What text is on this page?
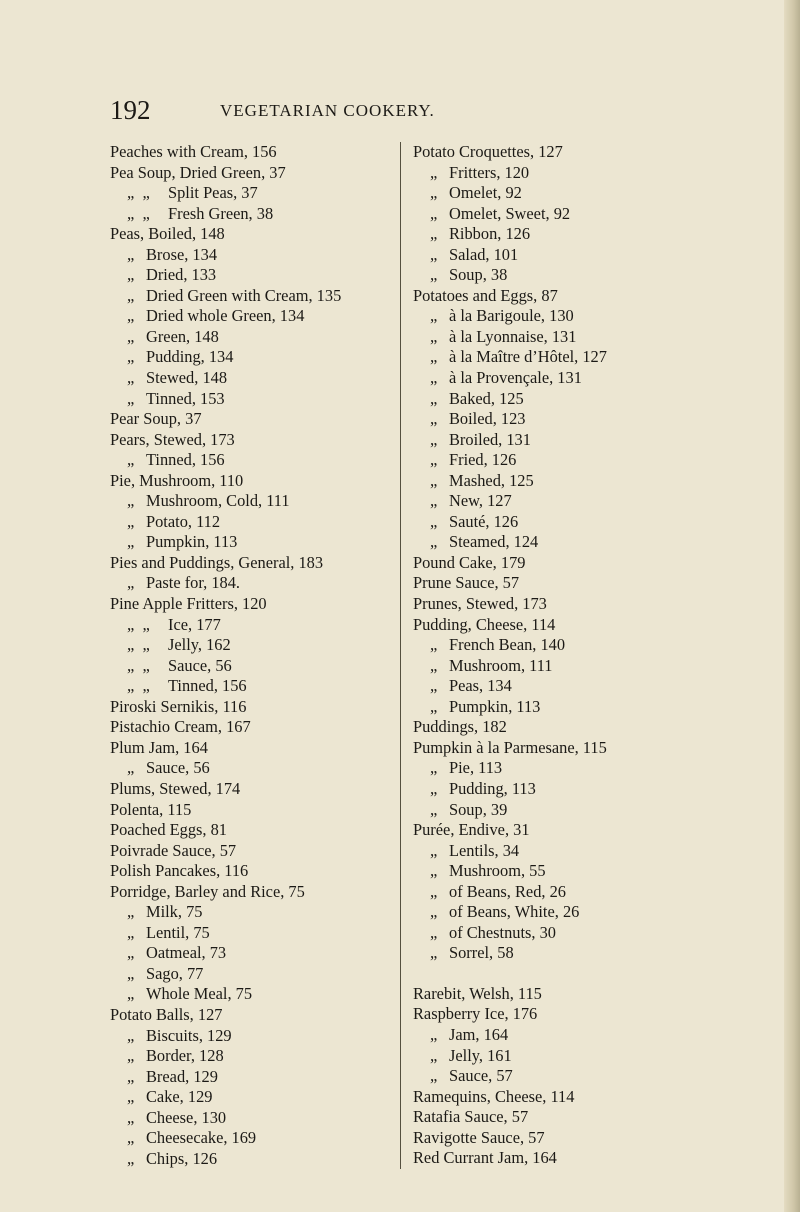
192	VEGETARIAN COOKERY.
Peaches with Cream, 156
Pea Soup, Dried Green, 37
„  „ Split Peas, 37
„  „ Fresh Green, 38
Peas, Boiled, 148
„ Brose, 134
„ Dried, 133
„ Dried Green with Cream, 135
„ Dried whole Green, 134
„ Green, 148
„ Pudding, 134
„ Stewed, 148
„ Tinned, 153
Pear Soup, 37
Pears, Stewed, 173
„ Tinned, 156
Pie, Mushroom, 110
„ Mushroom, Cold, 111
„ Potato, 112
„ Pumpkin, 113
Pies and Puddings, General, 183
„ Paste for, 184.
Pine Apple Fritters, 120
„  „ Ice, 177
„  „ Jelly, 162
„  „ Sauce, 56
„  „ Tinned, 156
Piroski Sernikis, 116
Pistachio Cream, 167
Plum Jam, 164
„ Sauce, 56
Plums, Stewed, 174
Polenta, 115
Poached Eggs, 81
Poivrade Sauce, 57
Polish Pancakes, 116
Porridge, Barley and Rice, 75
„ Milk, 75
„ Lentil, 75
„ Oatmeal, 73
„ Sago, 77
„ Whole Meal, 75
Potato Balls, 127
„ Biscuits, 129
„ Border, 128
„ Bread, 129
„ Cake, 129
„ Cheese, 130
„ Cheesecake, 169
„ Chips, 126
Potato Croquettes, 127
„ Fritters, 120
„ Omelet, 92
„ Omelet, Sweet, 92
„ Ribbon, 126
„ Salad, 101
„ Soup, 38
Potatoes and Eggs, 87
„ à la Barigoule, 130
„ à la Lyonnaise, 131
„ à la Maître d’Hôtel, 127
„ à la Provençale, 131
„ Baked, 125
„ Boiled, 123
„ Broiled, 131
„ Fried, 126
„ Mashed, 125
„ New, 127
„ Sauté, 126
„ Steamed, 124
Pound Cake, 179
Prune Sauce, 57
Prunes, Stewed, 173
Pudding, Cheese, 114
„ French Bean, 140
„ Mushroom, 111
„ Peas, 134
„ Pumpkin, 113
Puddings, 182
Pumpkin à la Parmesane, 115
„ Pie, 113
„ Pudding, 113
„ Soup, 39
Purée, Endive, 31
„ Lentils, 34
„ Mushroom, 55
„ of Beans, Red, 26
„ of Beans, White, 26
„ of Chestnuts, 30
„ Sorrel, 58
Rarebit, Welsh, 115
Raspberry Ice, 176
„ Jam, 164
„ Jelly, 161
„ Sauce, 57
Ramequins, Cheese, 114
Ratafia Sauce, 57
Ravigotte Sauce, 57
Red Currant Jam, 164
